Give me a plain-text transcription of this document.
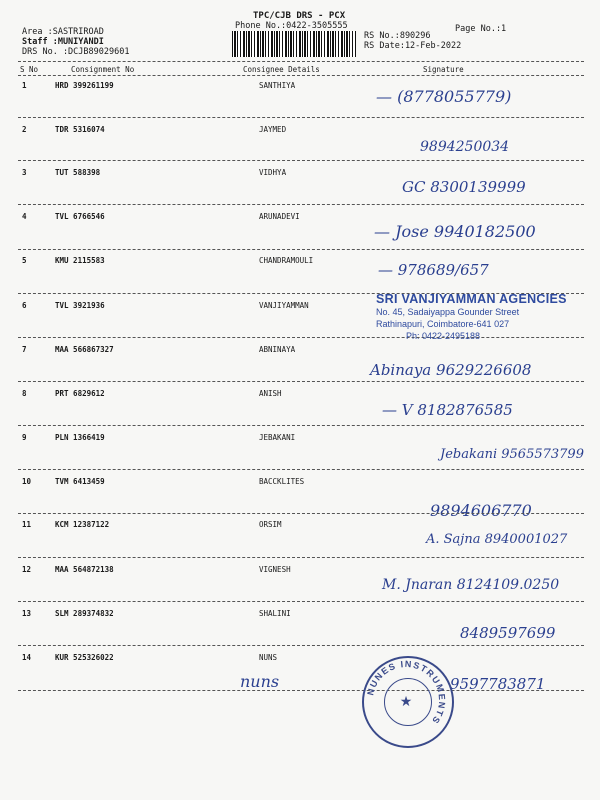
Area :SASTRIROAD
Staff :MUNIYANDI
DRS No. :DCJB89029601
TPC/CJB DRS - PCX
Phone No.:0422-3505555
RS No.:890296
RS Date:12-Feb-2022
Page No.:1
S No	Consignment No	Consignee Details	Signature
1	HRD 399261199	SANTHIYA
— (8778055779)
2	TDR 5316074	JAYMED
9894250034
3	TUT 588398	VIDHYA
GC 8300139999
4	TVL 6766546	ARUNADEVI
— Jose 9940182500
5	KMU 2115583	CHANDRAMOULI
— 978689/657
6	TVL 3921936	VANJIYAMMAN	SRI VANJIYAMMAN AGENCIES
No. 45, Sadaiyappa Gounder Street
Rathinapuri, Coimbatore-641 027
Ph: 0422-2495188
7	MAA 566867327	ABNINAYA
Abinaya 9629226608
8	PRT 6829612	ANISH
— V 8182876585
9	PLN 1366419	JEBAKANI
Jebakani 9565573799
10	TVM 6413459	BACCKLITES
9894606770
11	KCM 12387122	ORSIM
A. Sajna 8940001027
12	MAA 564872138	VIGNESH
M. Jnaran 8124109.0250
13	SLM 289374832	SHALINI
8489597699
14	KUR 525326022	NUNS
9597783871
nuns
NUNES INSTRUMENTS
★
